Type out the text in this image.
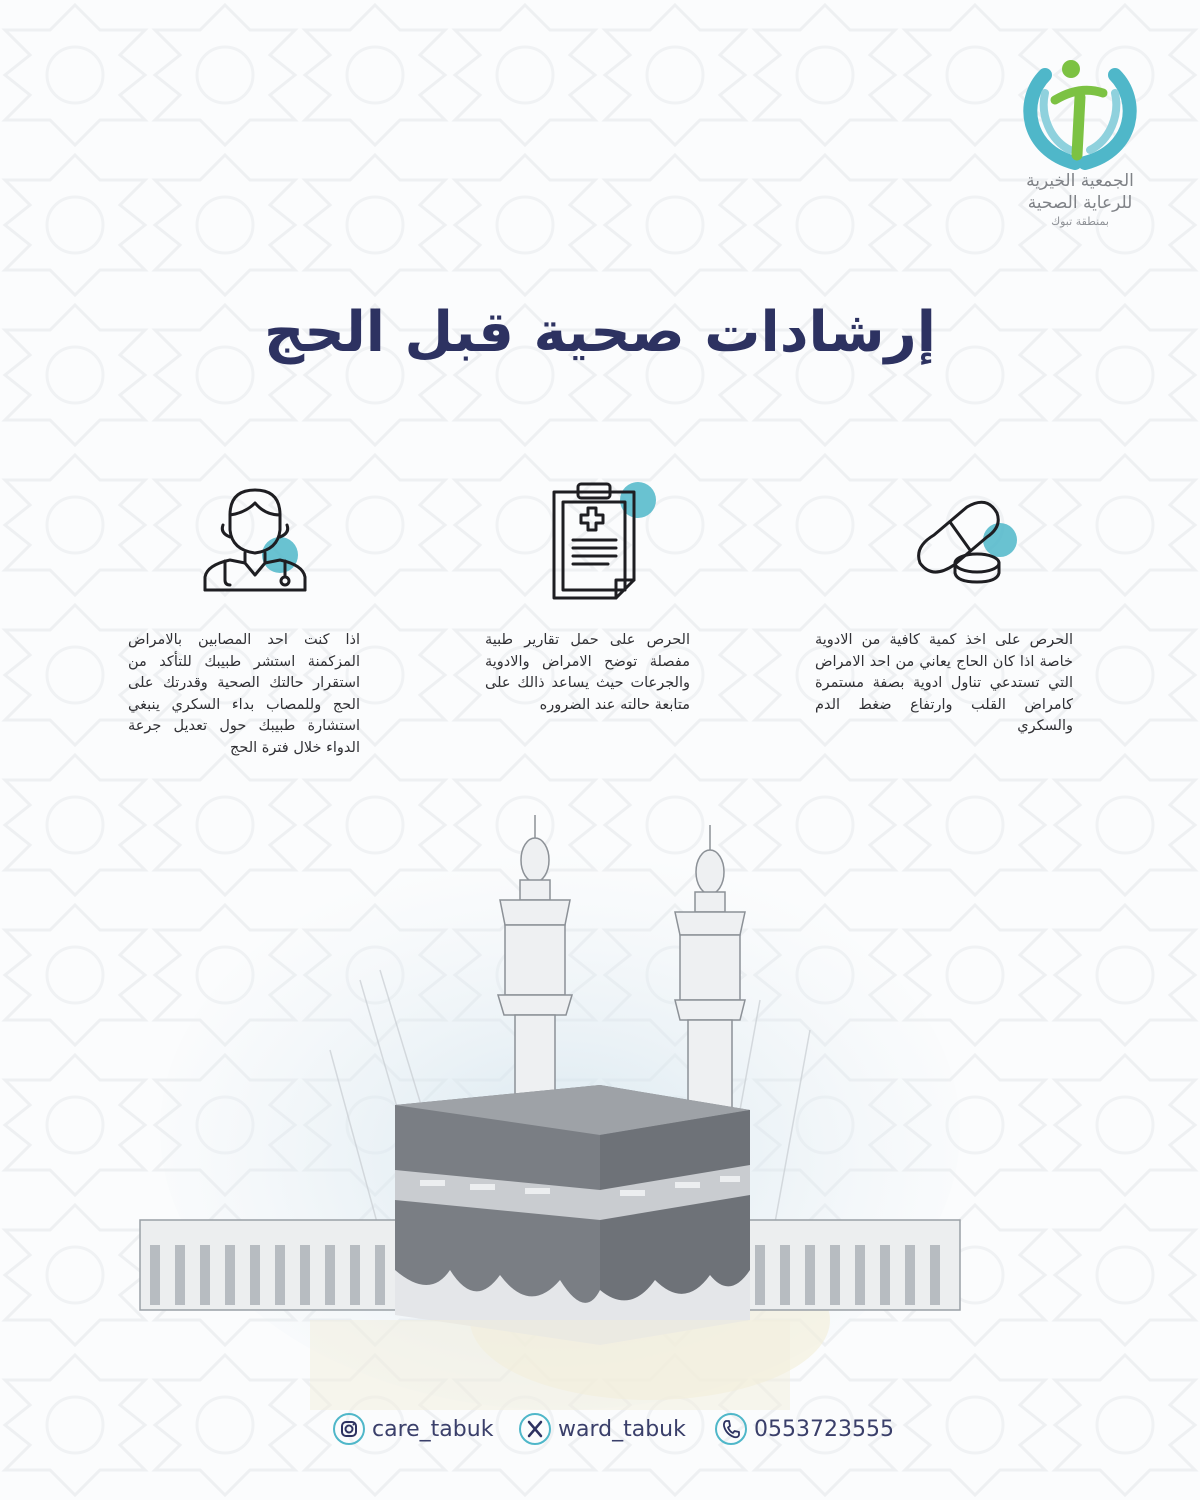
الجمعية الخيرية
للرعاية الصحية
بمنطقة تبوك
إرشادات صحية قبل الحج
اذا كنت احد المصابين بالامراض المزكمنة استشر طبيبك للتأكد من استقرار حالتك الصحية وقدرتك على الحج وللمصاب بداء السكري ينبغي استشارة طبيبك حول تعديل جرعة الدواء خلال فترة الحج
الحرص على حمل تقارير طبية مفصلة توضح الامراض والادوية والجرعات حيث يساعد ذالك على متابعة حالته عند الضروره
الحرص على اخذ كمية كافية من الادوية خاصة اذا كان الحاج يعاني من احد الامراض التي تستدعي تناول ادوية بصفة مستمرة كامراض القلب وارتفاع ضغط الدم والسكري
care_tabuk	ward_tabuk	0553723555
